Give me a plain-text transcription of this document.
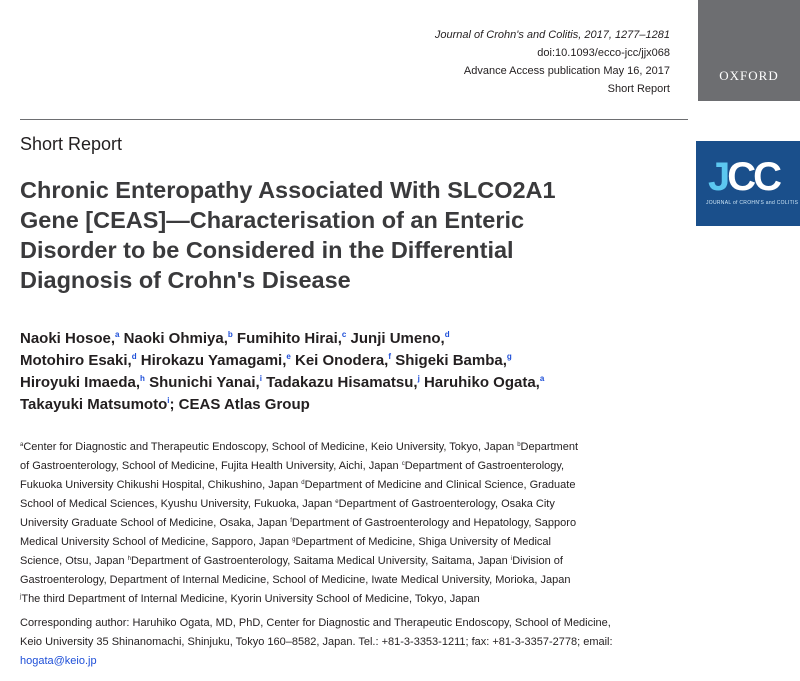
Journal of Crohn's and Colitis, 2017, 1277–1281
doi:10.1093/ecco-jcc/jjx068
Advance Access publication May 16, 2017
Short Report
OXFORD
JCC
JOURNAL of CROHN'S and COLITIS
Short Report
Chronic Enteropathy Associated With SLCO2A1
Gene [CEAS]—Characterisation of an Enteric
Disorder to be Considered in the Differential
Diagnosis of Crohn's Disease
Naoki Hosoe,$^a$ Naoki Ohmiya,$^b$ Fumihito Hirai,$^c$ Junji Umeno,$^d$
Motohiro Esaki,$^d$ Hirokazu Yamagami,$^e$ Kei Onodera,$^f$ Shigeki Bamba,$^g$
Hiroyuki Imaeda,$^h$ Shunichi Yanai,$^i$ Tadakazu Hisamatsu,$^j$ Haruhiko Ogata,$^a$
Takayuki Matsumoto$^i$; CEAS Atlas Group
$^a$Center for Diagnostic and Therapeutic Endoscopy, School of Medicine, Keio University, Tokyo, Japan $^b$Department
of Gastroenterology, School of Medicine, Fujita Health University, Aichi, Japan $^c$Department of Gastroenterology,
Fukuoka University Chikushi Hospital, Chikushino, Japan $^d$Department of Medicine and Clinical Science, Graduate
School of Medical Sciences, Kyushu University, Fukuoka, Japan $^e$Department of Gastroenterology, Osaka City
University Graduate School of Medicine, Osaka, Japan $^f$Department of Gastroenterology and Hepatology, Sapporo
Medical University School of Medicine, Sapporo, Japan $^g$Department of Medicine, Shiga University of Medical
Science, Otsu, Japan $^h$Department of Gastroenterology, Saitama Medical University, Saitama, Japan $^i$Division of
Gastroenterology, Department of Internal Medicine, School of Medicine, Iwate Medical University, Morioka, Japan
$^j$The third Department of Internal Medicine, Kyorin University School of Medicine, Tokyo, Japan
Corresponding author: Haruhiko Ogata, MD, PhD, Center for Diagnostic and Therapeutic Endoscopy, School of Medicine,
Keio University 35 Shinanomachi, Shinjuku, Tokyo 160–8582, Japan. Tel.: +81-3-3353-1211; fax: +81-3-3357-2778; email:
hogata@keio.jp
